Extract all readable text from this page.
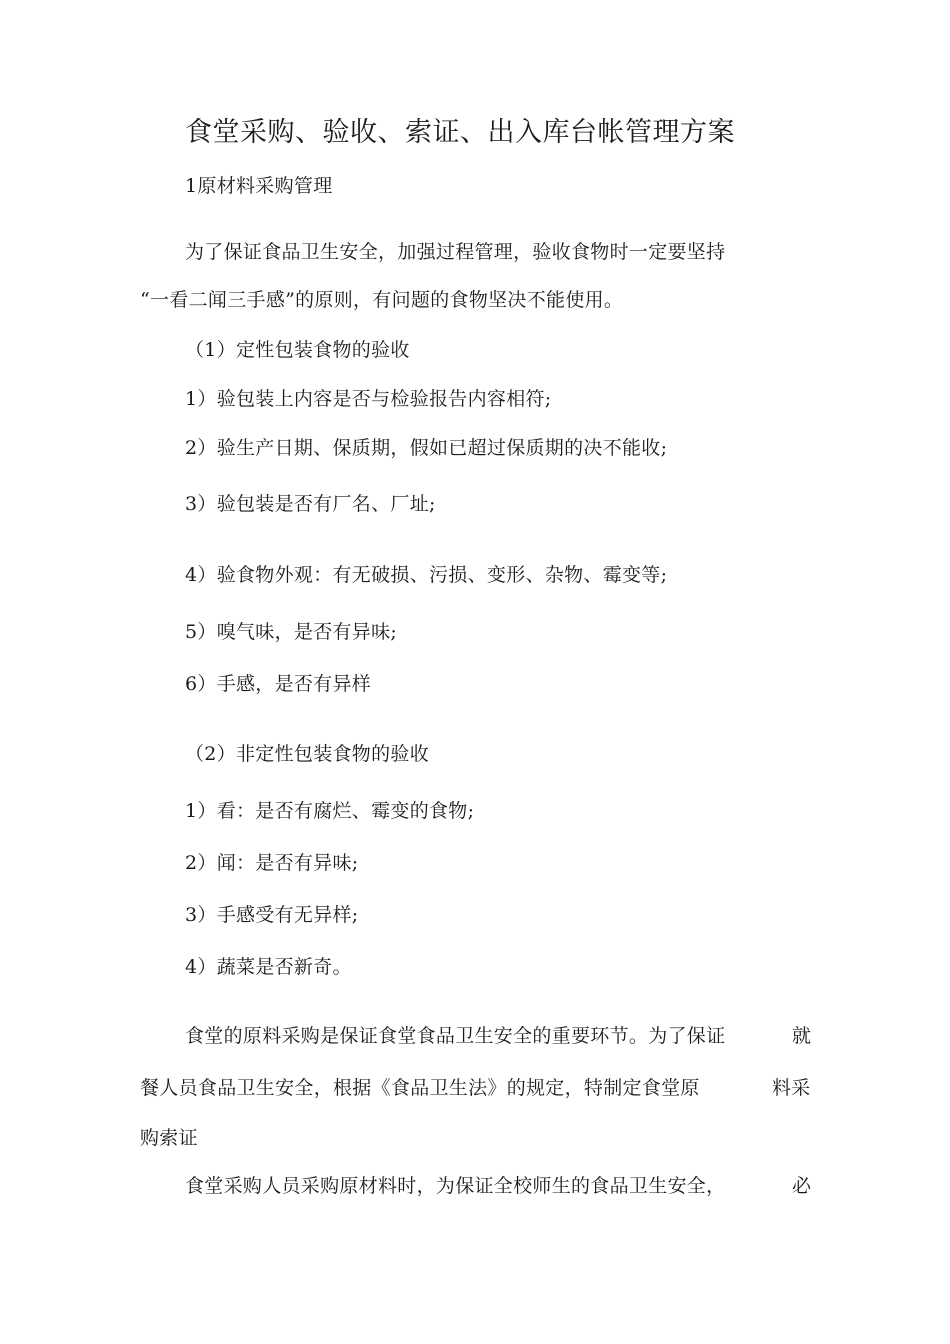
食堂采购、验收、索证、出入库台帐管理方案
1原材料采购管理
为了保证食品卫生安全，加强过程管理，验收食物时一定要坚持
“一看二闻三手感”的原则，有问题的食物坚决不能使用。
（1）定性包装食物的验收
1）验包装上内容是否与检验报告内容相符;
2）验生产日期、保质期，假如已超过保质期的决不能收;
3）验包装是否有厂名、厂址;
4）验食物外观：有无破损、污损、变形、杂物、霉变等;
5）嗅气味，是否有异味;
6）手感，是否有异样
（2）非定性包装食物的验收
1）看：是否有腐烂、霉变的食物;
2）闻：是否有异味;
3）手感受有无异样;
4）蔬菜是否新奇。
食堂的原料采购是保证食堂食品卫生安全的重要环节。为了保证	就
餐人员食品卫生安全，根据《食品卫生法》的规定，特制定食堂原	料采
购索证
食堂采购人员采购原材料时，为保证全校师生的食品卫生安全，	必
